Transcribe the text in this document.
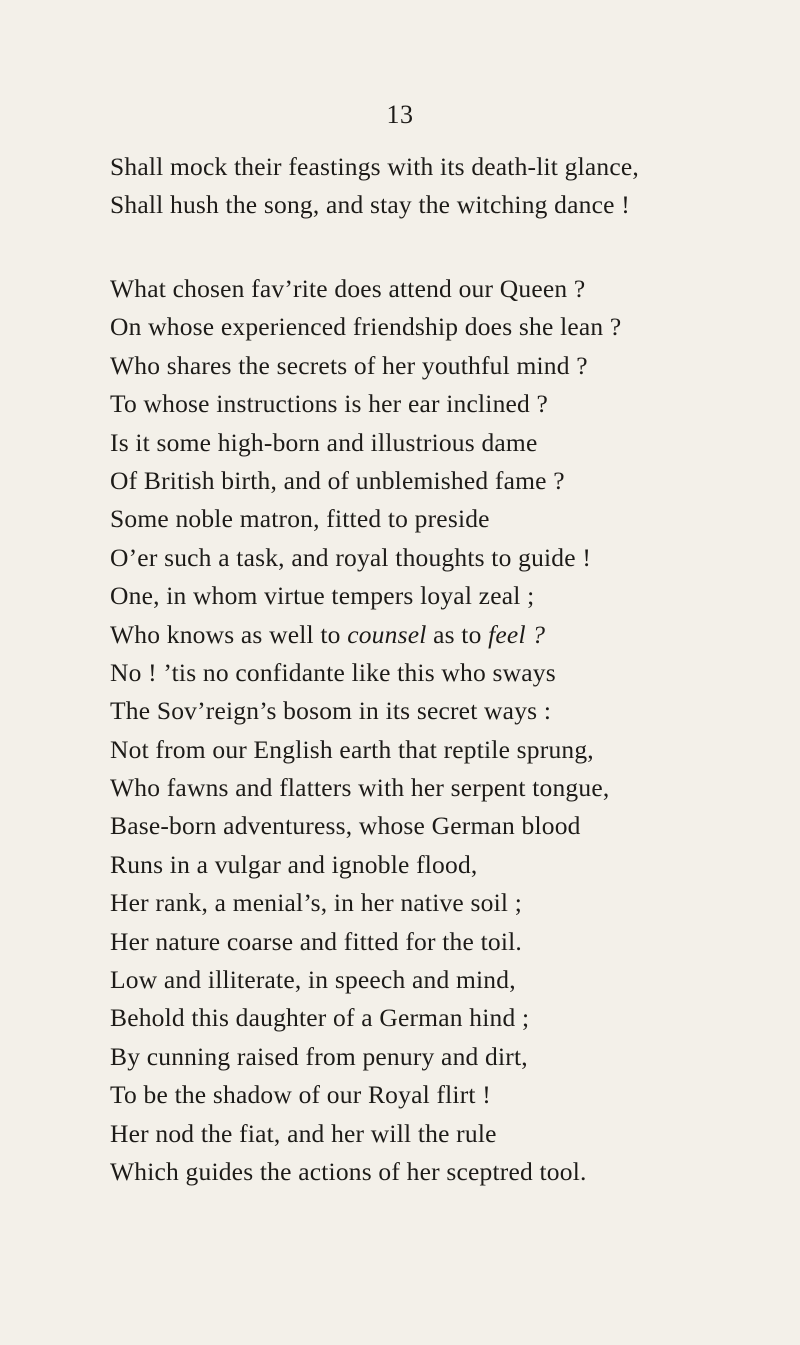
13
Shall mock their feastings with its death-lit glance,
Shall hush the song, and stay the witching dance !
What chosen fav’rite does attend our Queen ?
On whose experienced friendship does she lean ?
Who shares the secrets of her youthful mind ?
To whose instructions is her ear inclined ?
Is it some high-born and illustrious dame
Of British birth, and of unblemished fame ?
Some noble matron, fitted to preside
O’er such a task, and royal thoughts to guide !
One, in whom virtue tempers loyal zeal ;
Who knows as well to counsel as to feel ?
No ! ’tis no confidante like this who sways
The Sov’reign’s bosom in its secret ways :
Not from our English earth that reptile sprung,
Who fawns and flatters with her serpent tongue,
Base-born adventuress, whose German blood
Runs in a vulgar and ignoble flood,
Her rank, a menial’s, in her native soil ;
Her nature coarse and fitted for the toil.
Low and illiterate, in speech and mind,
Behold this daughter of a German hind ;
By cunning raised from penury and dirt,
To be the shadow of our Royal flirt !
Her nod the fiat, and her will the rule
Which guides the actions of her sceptred tool.
